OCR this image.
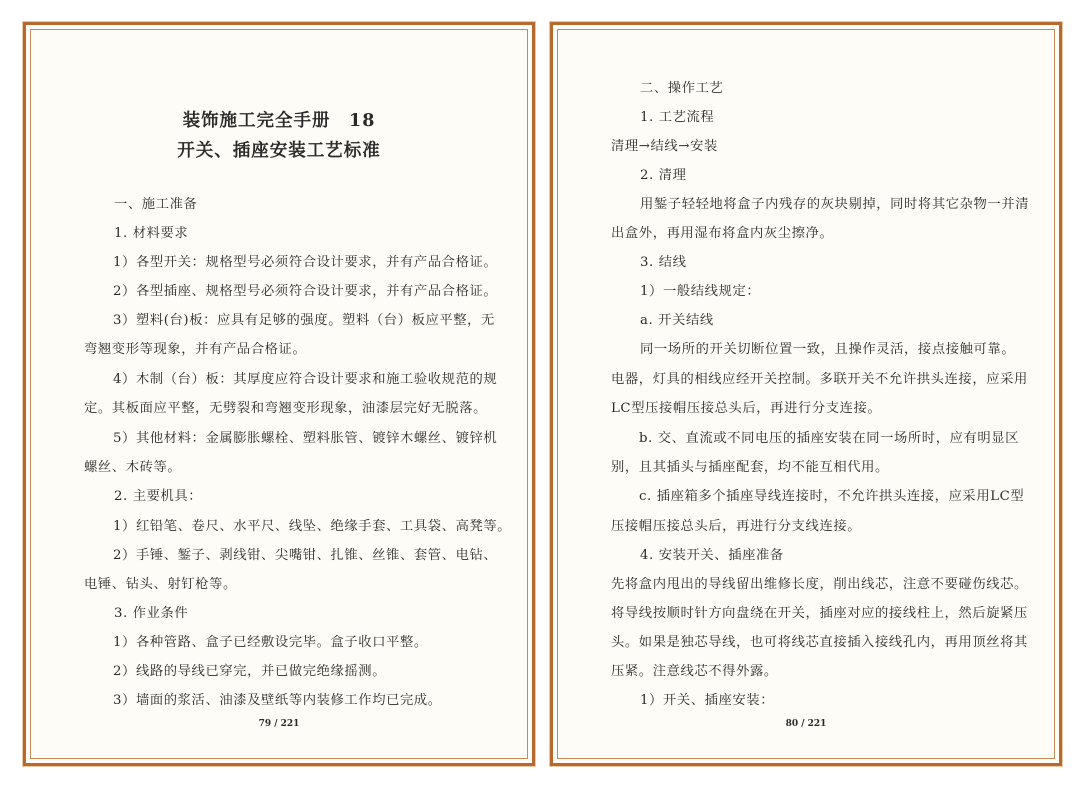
装饰施工完全手册　18
开关、插座安装工艺标准

一、施工准备

1. 材料要求

1）各型开关：规格型号必须符合设计要求，并有产品合格证。

2）各型插座、规格型号必须符合设计要求，并有产品合格证。

3）塑料(台)板：应具有足够的强度。塑料（台）板应平整，无

弯翘变形等现象，并有产品合格证。

4）木制（台）板：其厚度应符合设计要求和施工验收规范的规

定。其板面应平整，无劈裂和弯翘变形现象，油漆层完好无脱落。

5）其他材料：金属膨胀螺栓、塑料胀管、镀锌木螺丝、镀锌机

螺丝、木砖等。

2. 主要机具：

1）红铅笔、卷尺、水平尺、线坠、绝缘手套、工具袋、高凳等。

2）手锤、錾子、剥线钳、尖嘴钳、扎锥、丝锥、套管、电钻、

电锤、钻头、射钉枪等。

3. 作业条件

1）各种管路、盒子已经敷设完毕。盒子收口平整。

2）线路的导线已穿完，并已做完绝缘摇测。

3）墙面的浆活、油漆及壁纸等内装修工作均已完成。

79 / 221

二、操作工艺

1. 工艺流程

清理→结线→安装

2. 清理

用錾子轻轻地将盒子内残存的灰块剔掉，同时将其它杂物一并清

出盒外，再用湿布将盒内灰尘擦净。

3. 结线

1）一般结线规定：

a. 开关结线

同一场所的开关切断位置一致，且操作灵活，接点接触可靠。

电器，灯具的相线应经开关控制。多联开关不允许拱头连接，应采用

LC型压接帽压接总头后，再进行分支连接。

b. 交、直流或不同电压的插座安装在同一场所时，应有明显区

别，且其插头与插座配套，均不能互相代用。

c. 插座箱多个插座导线连接时，不允许拱头连接，应采用LC型

压接帽压接总头后，再进行分支线连接。

4. 安装开关、插座准备

先将盒内甩出的导线留出维修长度，削出线芯，注意不要碰伤线芯。

将导线按顺时针方向盘绕在开关，插座对应的接线柱上，然后旋紧压

头。如果是独芯导线，也可将线芯直接插入接线孔内，再用顶丝将其

压紧。注意线芯不得外露。

1）开关、插座安装：

80 / 221
